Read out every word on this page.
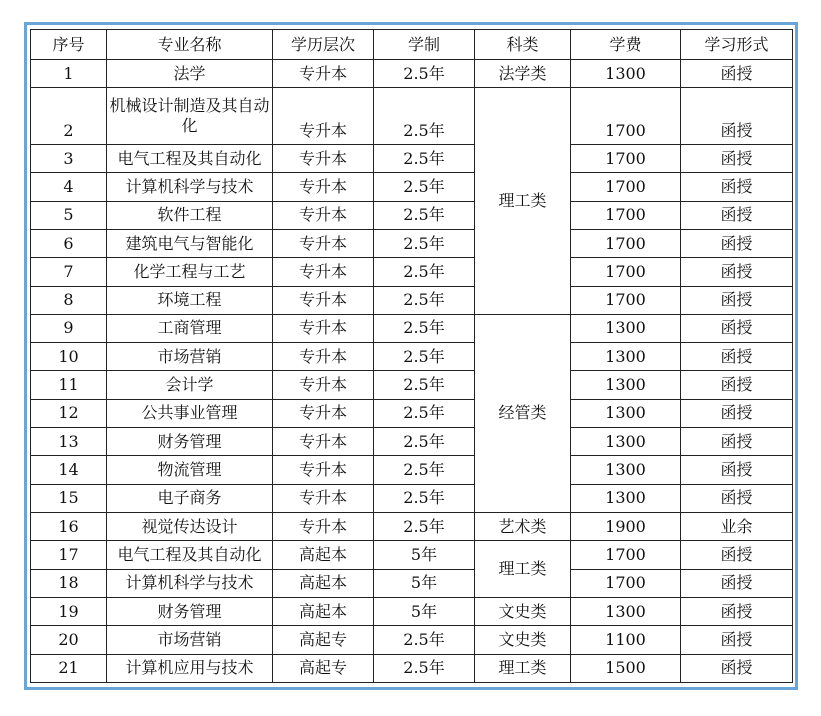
序号	专业名称	学历层次	学制	科类	学费	学习形式
1	法学	专升本	2.5年	法学类	1300	函授
2	机械设计制造及其自动化	专升本	2.5年	理工类	1700	函授
3	电气工程及其自动化	专升本	2.5年		1700	函授
4	计算机科学与技术	专升本	2.5年		1700	函授
5	软件工程	专升本	2.5年		1700	函授
6	建筑电气与智能化	专升本	2.5年		1700	函授
7	化学工程与工艺	专升本	2.5年		1700	函授
8	环境工程	专升本	2.5年		1700	函授
9	工商管理	专升本	2.5年	经管类	1300	函授
10	市场营销	专升本	2.5年		1300	函授
11	会计学	专升本	2.5年		1300	函授
12	公共事业管理	专升本	2.5年		1300	函授
13	财务管理	专升本	2.5年		1300	函授
14	物流管理	专升本	2.5年		1300	函授
15	电子商务	专升本	2.5年		1300	函授
16	视觉传达设计	专升本	2.5年	艺术类	1900	业余
17	电气工程及其自动化	高起本	5年	理工类	1700	函授
18	计算机科学与技术	高起本	5年		1700	函授
19	财务管理	高起本	5年	文史类	1300	函授
20	市场营销	高起专	2.5年	文史类	1100	函授
21	计算机应用与技术	高起专	2.5年	理工类	1500	函授
